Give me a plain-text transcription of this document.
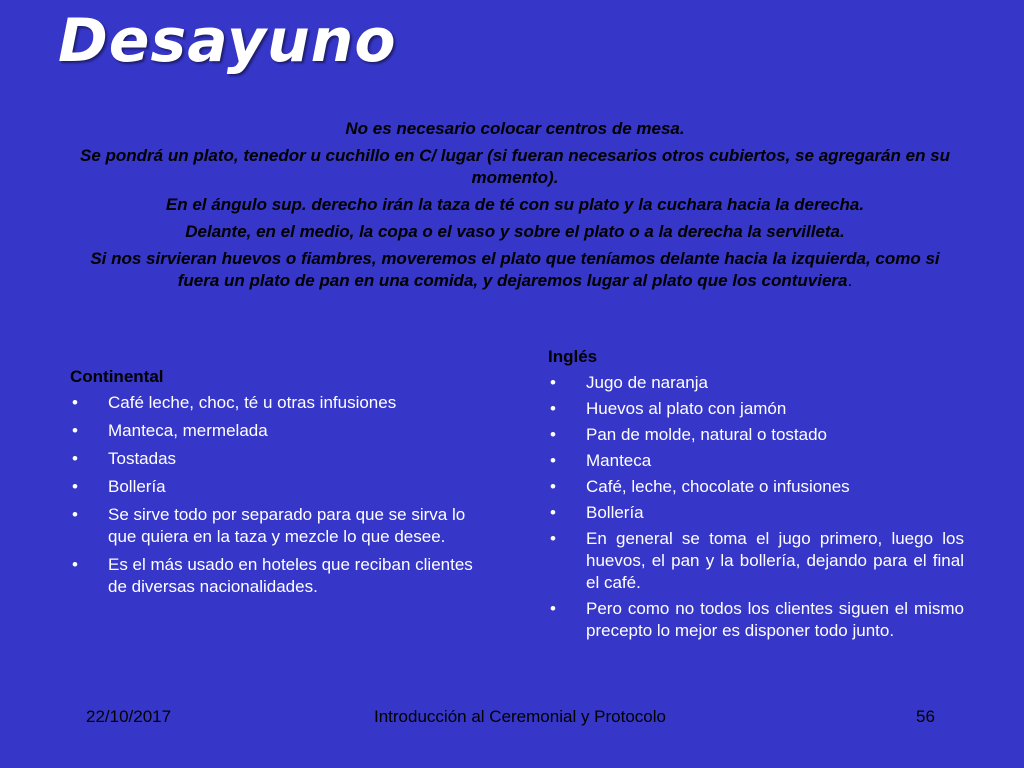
Desayuno

No es necesario colocar centros de mesa.

Se pondrá un plato, tenedor u cuchillo en C/ lugar (si fueran necesarios otros cubiertos, se agregarán en su momento).

En el ángulo sup. derecho irán la taza de té con su plato y la cuchara hacia la derecha.

Delante, en el medio, la copa o el vaso y sobre el plato o a la derecha la servilleta.

Si nos sirvieran huevos o fiambres, moveremos el plato que teníamos delante hacia la izquierda, como si fuera un plato de pan en una comida, y dejaremos lugar al plato que los contuviera.

Continental
• Café leche, choc, té u otras infusiones
• Manteca, mermelada
• Tostadas
• Bollería
• Se sirve todo por separado para que se sirva lo que quiera en la taza y mezcle lo que desee.
• Es el más usado en hoteles que reciban clientes de diversas nacionalidades.
Inglés
• Jugo de naranja
• Huevos al plato con jamón
• Pan de molde, natural o tostado
• Manteca
• Café, leche, chocolate o infusiones
• Bollería
• En general se toma el jugo primero, luego los huevos, el pan y la bollería, dejando para el final el café.
• Pero como no todos los clientes siguen el mismo precepto lo mejor es disponer todo junto.
22/10/2017	Introducción al Ceremonial y Protocolo	56
